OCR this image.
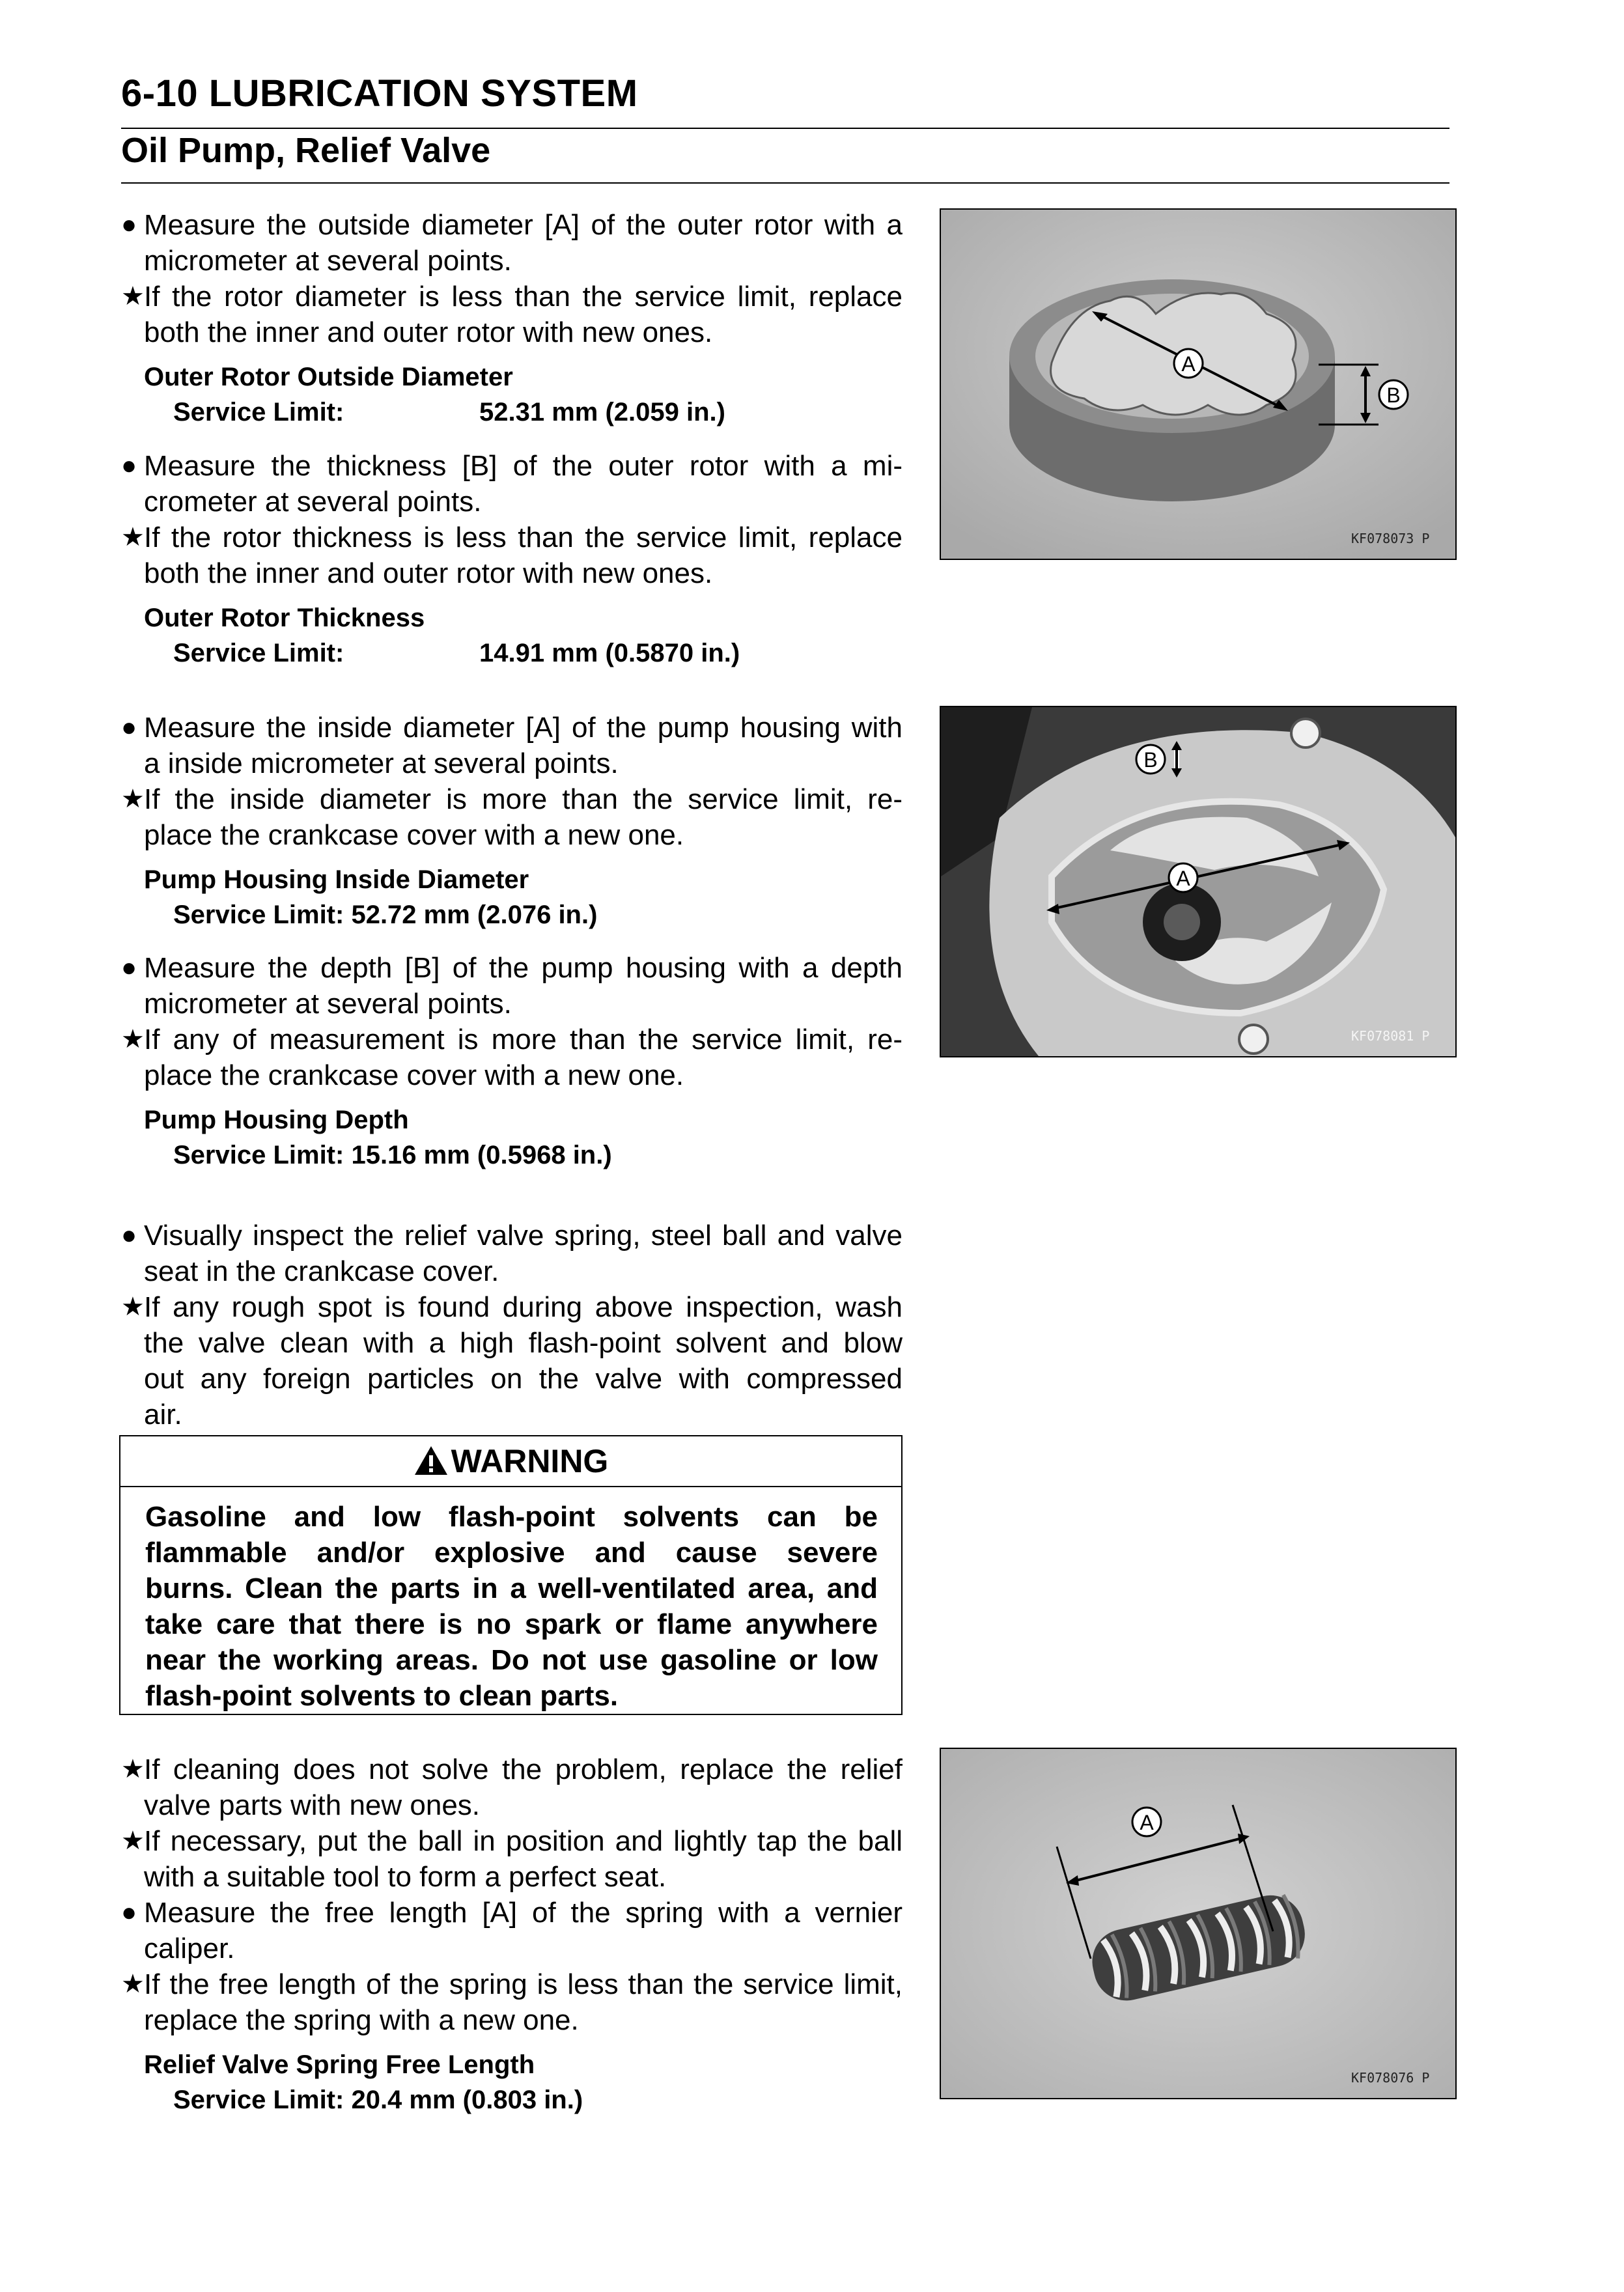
6-10 LUBRICATION SYSTEM
Oil Pump, Relief Valve
● Measure the outside diameter [A] of the outer rotor with a
micrometer at several points.
★ If the rotor diameter is less than the service limit, replace
both the inner and outer rotor with new ones.
Outer Rotor Outside Diameter
Service Limit:	52.31 mm (2.059 in.)
● Measure the thickness [B] of the outer rotor with a mi-
crometer at several points.
★ If the rotor thickness is less than the service limit, replace
both the inner and outer rotor with new ones.
Outer Rotor Thickness
Service Limit:	14.91 mm (0.5870 in.)
● Measure the inside diameter [A] of the pump housing with
a inside micrometer at several points.
★ If the inside diameter is more than the service limit, re-
place the crankcase cover with a new one.
Pump Housing Inside Diameter
Service Limit: 52.72 mm (2.076 in.)
● Measure the depth [B] of the pump housing with a depth
micrometer at several points.
★ If any of measurement is more than the service limit, re-
place the crankcase cover with a new one.
Pump Housing Depth
Service Limit: 15.16 mm (0.5968 in.)
● Visually inspect the relief valve spring, steel ball and valve
seat in the crankcase cover.
★ If any rough spot is found during above inspection, wash
the valve clean with a high flash-point solvent and blow
out any foreign particles on the valve with compressed
air.
WARNING
Gasoline and low flash-point solvents can be
flammable and/or explosive and cause severe
burns. Clean the parts in a well-ventilated area, and
take care that there is no spark or flame anywhere
near the working areas. Do not use gasoline or low
flash-point solvents to clean parts.
★ If cleaning does not solve the problem, replace the relief
valve parts with new ones.
★ If necessary, put the ball in position and lightly tap the ball
with a suitable tool to form a perfect seat.
● Measure the free length [A] of the spring with a vernier
caliper.
★ If the free length of the spring is less than the service limit,
replace the spring with a new one.
Relief Valve Spring Free Length
Service Limit: 20.4 mm (0.803 in.)
A
B
KF078073 P
A
B
KF078081 P
A
KF078076 P
